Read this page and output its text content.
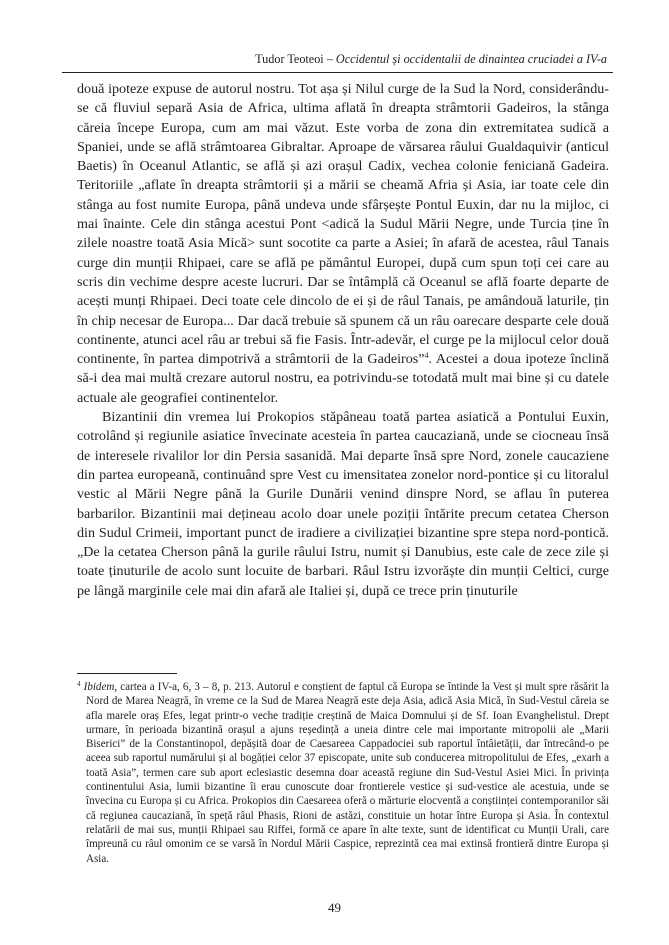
Tudor Teoteoi – Occidentul și occidentalii de dinaintea cruciadei a IV-a

două ipoteze expuse de autorul nostru. Tot așa și Nilul curge de la Sud la Nord, considerându-se că fluviul separă Asia de Africa, ultima aflată în dreapta strâmtorii Gadeiros, la stânga căreia începe Europa, cum am mai văzut. Este vorba de zona din extremitatea sudică a Spaniei, unde se află strâmtoarea Gibraltar. Aproape de vărsarea râului Gualdaquivir (anticul Baetis) în Oceanul Atlantic, se află și azi orașul Cadix, vechea colonie feniciană Gadeira. Teritoriile „aflate în dreapta strâmtorii și a mării se cheamă Afria și Asia, iar toate cele din stânga au fost numite Europa, până undeva unde sfârșește Pontul Euxin, dar nu la mijloc, ci mai înainte. Cele din stânga acestui Pont <adică la Sudul Mării Negre, unde Turcia ține în zilele noastre toată Asia Mică> sunt socotite ca parte a Asiei; în afară de acestea, râul Tanais curge din munții Rhipaei, care se află pe pământul Europei, după cum spun toți cei care au scris din vechime despre aceste lucruri. Dar se întâmplă că Oceanul se află foarte departe de acești munți Rhipaei. Deci toate cele dincolo de ei și de râul Tanais, pe amândouă laturile, țin în chip necesar de Europa... Dar dacă trebuie să spunem că un râu oarecare desparte cele două continente, atunci acel râu ar trebui să fie Fasis. Într-adevăr, el curge pe la mijlocul celor două continente, în partea dimpotrivă a strâmtorii de la Gadeiros”$^4$. Acestei a doua ipoteze înclină să-i dea mai multă crezare autorul nostru, ea potrivindu-se totodată mult mai bine și cu datele actuale ale geografiei continentelor.

Bizantinii din vremea lui Prokopios stăpâneau toată partea asiatică a Pontului Euxin, cotrolând și regiunile asiatice învecinate acesteia în partea caucaziană, unde se ciocneau însă de interesele rivalilor lor din Persia sasanidă. Mai departe însă spre Nord, zonele caucaziene din partea europeană, continuând spre Vest cu imensitatea zonelor nord-pontice și cu litoralul vestic al Mării Negre până la Gurile Dunării venind dinspre Nord, se aflau în puterea barbarilor. Bizantinii mai dețineau acolo doar unele poziții întărite precum cetatea Cherson din Sudul Crimeii, important punct de iradiere a civilizației bizantine spre stepa nord-pontică. „De la cetatea Cherson până la gurile râului Istru, numit și Danubius, este cale de zece zile și toate ținuturile de acolo sunt locuite de barbari. Râul Istru izvorăște din munții Celtici, curge pe lângă marginile cele mai din afară ale Italiei și, după ce trece prin ținuturile

$^4$ Ibidem, cartea a IV-a, 6, 3 – 8, p. 213. Autorul e conștient de faptul că Europa se întinde la Vest și mult spre răsărit la Nord de Marea Neagră, în vreme ce la Sud de Marea Neagră este deja Asia, adică Asia Mică, în Sud-Vestul căreia se afla marele oraș Efes, legat printr-o veche tradiție creștină de Maica Domnului și de Sf. Ioan Evanghelistul. Drept urmare, în perioada bizantină orașul a ajuns reședință a uneia dintre cele mai importante mitropolii ale „Marii Biserici” de la Constantinopol, depășită doar de Caesareea Cappadociei sub raportul întâietății, dar întrecând-o pe aceea sub raportul numărului și al bogăției celor 37 episcopate, unite sub conducerea mitropolitului de Efes, „exarh a toată Asia”, termen care sub aport eclesiastic desemna doar această regiune din Sud-Vestul Asiei Mici. În privința continentului Asia, lumii bizantine îi erau cunoscute doar frontierele vestice și sud-vestice ale acestuia, unde se învecina cu Europa și cu Africa. Prokopios din Caesareea oferă o mărturie elocventă a conștiinței contemporanilor săi că regiunea caucaziană, în speță râul Phasis, Rioni de astăzi, constituie un hotar între Europa și Asia. În contextul relatării de mai sus, munții Rhipaei sau Riffei, formă ce apare în alte texte, sunt de identificat cu Munții Urali, care împreună cu râul omonim ce se varsă în Nordul Mării Caspice, reprezintă cea mai extinsă frontieră dintre Europa și Asia.
49
